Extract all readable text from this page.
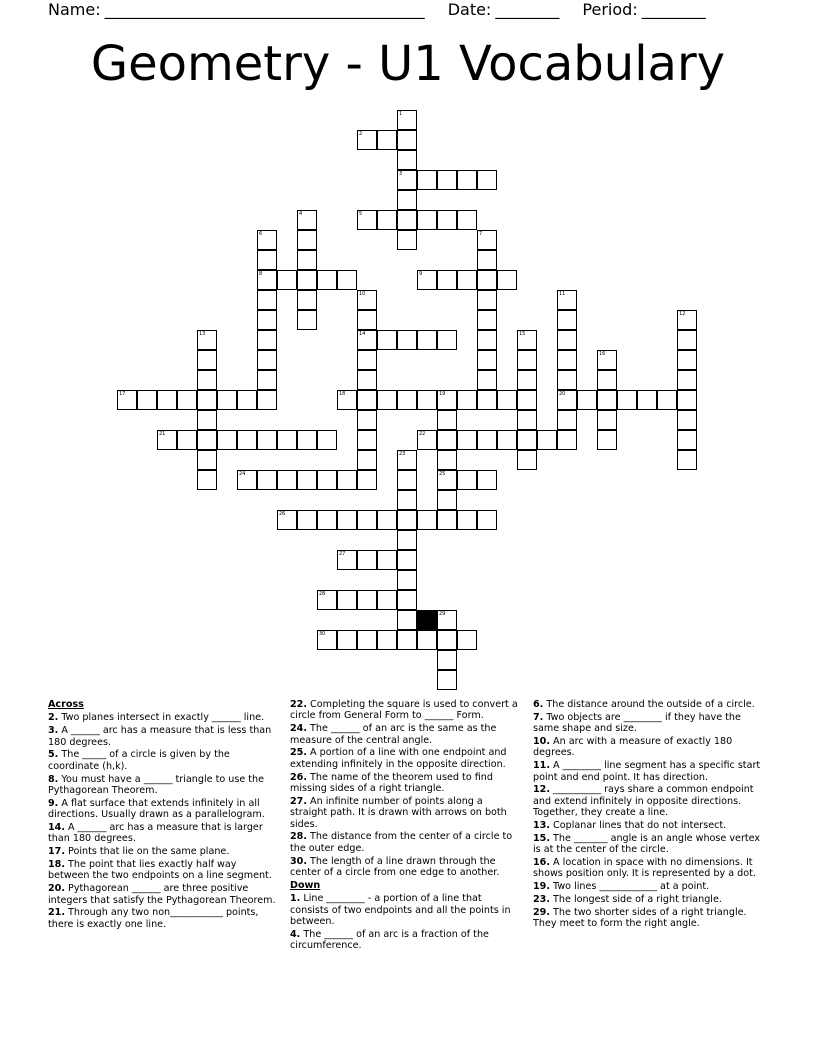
Name: ________________________________________ Date: ________ Period: ________
Geometry - U1 Vocabulary
1
3
2
4	5
6
8
7
9
10
14
11
20
12
13	15
16
17	18	19
25
21	22
23
24
26
27
28
29
30
Across
2. Two planes intersect in exactly ______ line.
3. A ______ arc has a measure that is less than 180 degrees.
5. The _____ of a circle is given by the coordinate (h,k).
8. You must have a ______ triangle to use the Pythagorean Theorem.
9. A flat surface that extends infinitely in all directions. Usually drawn as a parallelogram.
14. A ______ arc has a measure that is larger than 180 degrees.
17. Points that lie on the same plane.
18. The point that lies exactly half way between the two endpoints on a line segment.
20. Pythagorean ______ are three positive integers that satisfy the Pythagorean Theorem.
21. Through any two non___________ points, there is exactly one line.
22. Completing the square is used to convert a circle from General Form to ______ Form.
24. The ______ of an arc is the same as the measure of the central angle.
25. A portion of a line with one endpoint and extending infinitely in the opposite direction.
26. The name of the theorem used to find missing sides of a right triangle.
27. An infinite number of points along a straight path. It is drawn with arrows on both sides.
28. The distance from the center of a circle to the outer edge.
30. The length of a line drawn through the center of a circle from one edge to another.
Down
1. Line ________ - a portion of a line that consists of two endpoints and all the points in between.
4. The ______ of an arc is a fraction of the circumference.
6. The distance around the outside of a circle.
7. Two objects are ________ if they have the same shape and size.
10. An arc with a measure of exactly 180 degrees.
11. A ________ line segment has a specific start point and end point. It has direction.
12. __________ rays share a common endpoint and extend infinitely in opposite directions. Together, they create a line.
13. Coplanar lines that do not intersect.
15. The _______ angle is an angle whose vertex is at the center of the circle.
16. A location in space with no dimensions. It shows position only. It is represented by a dot.
19. Two lines ____________ at a point.
23. The longest side of a right triangle.
29. The two shorter sides of a right triangle. They meet to form the right angle.
